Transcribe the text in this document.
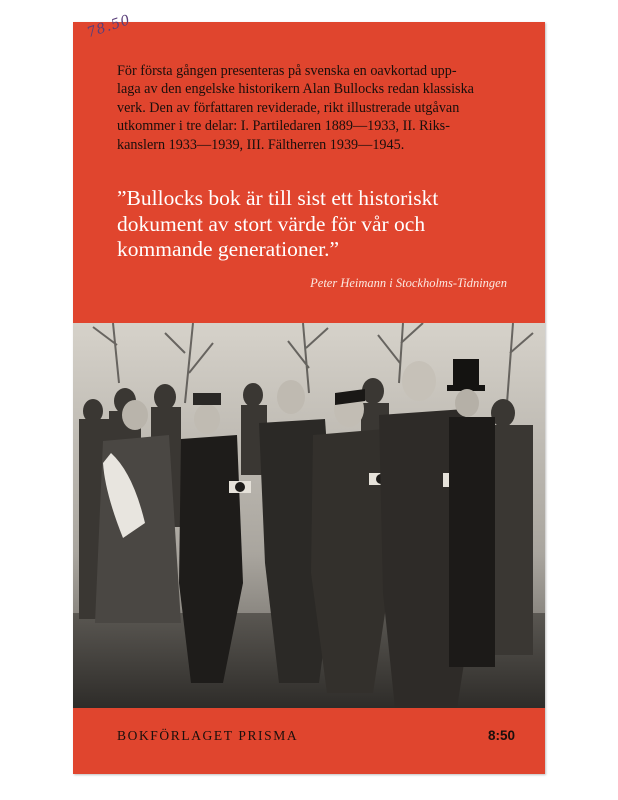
78.50

För första gången presenteras på svenska en oavkortad upp-
laga av den engelske historikern Alan Bullocks redan klassiska
verk. Den av författaren reviderade, rikt illustrerade utgåvan
utkommer i tre delar: I. Partiledaren 1889—1933, II. Riks-
kanslern 1933—1939, III. Fältherren 1939—1945.

”Bullocks bok är till sist ett historiskt
dokument av stort värde för vår och
kommande generationer.”

Peter Heimann i Stockholms-Tidningen

BOKFÖRLAGET PRISMA	8:50
